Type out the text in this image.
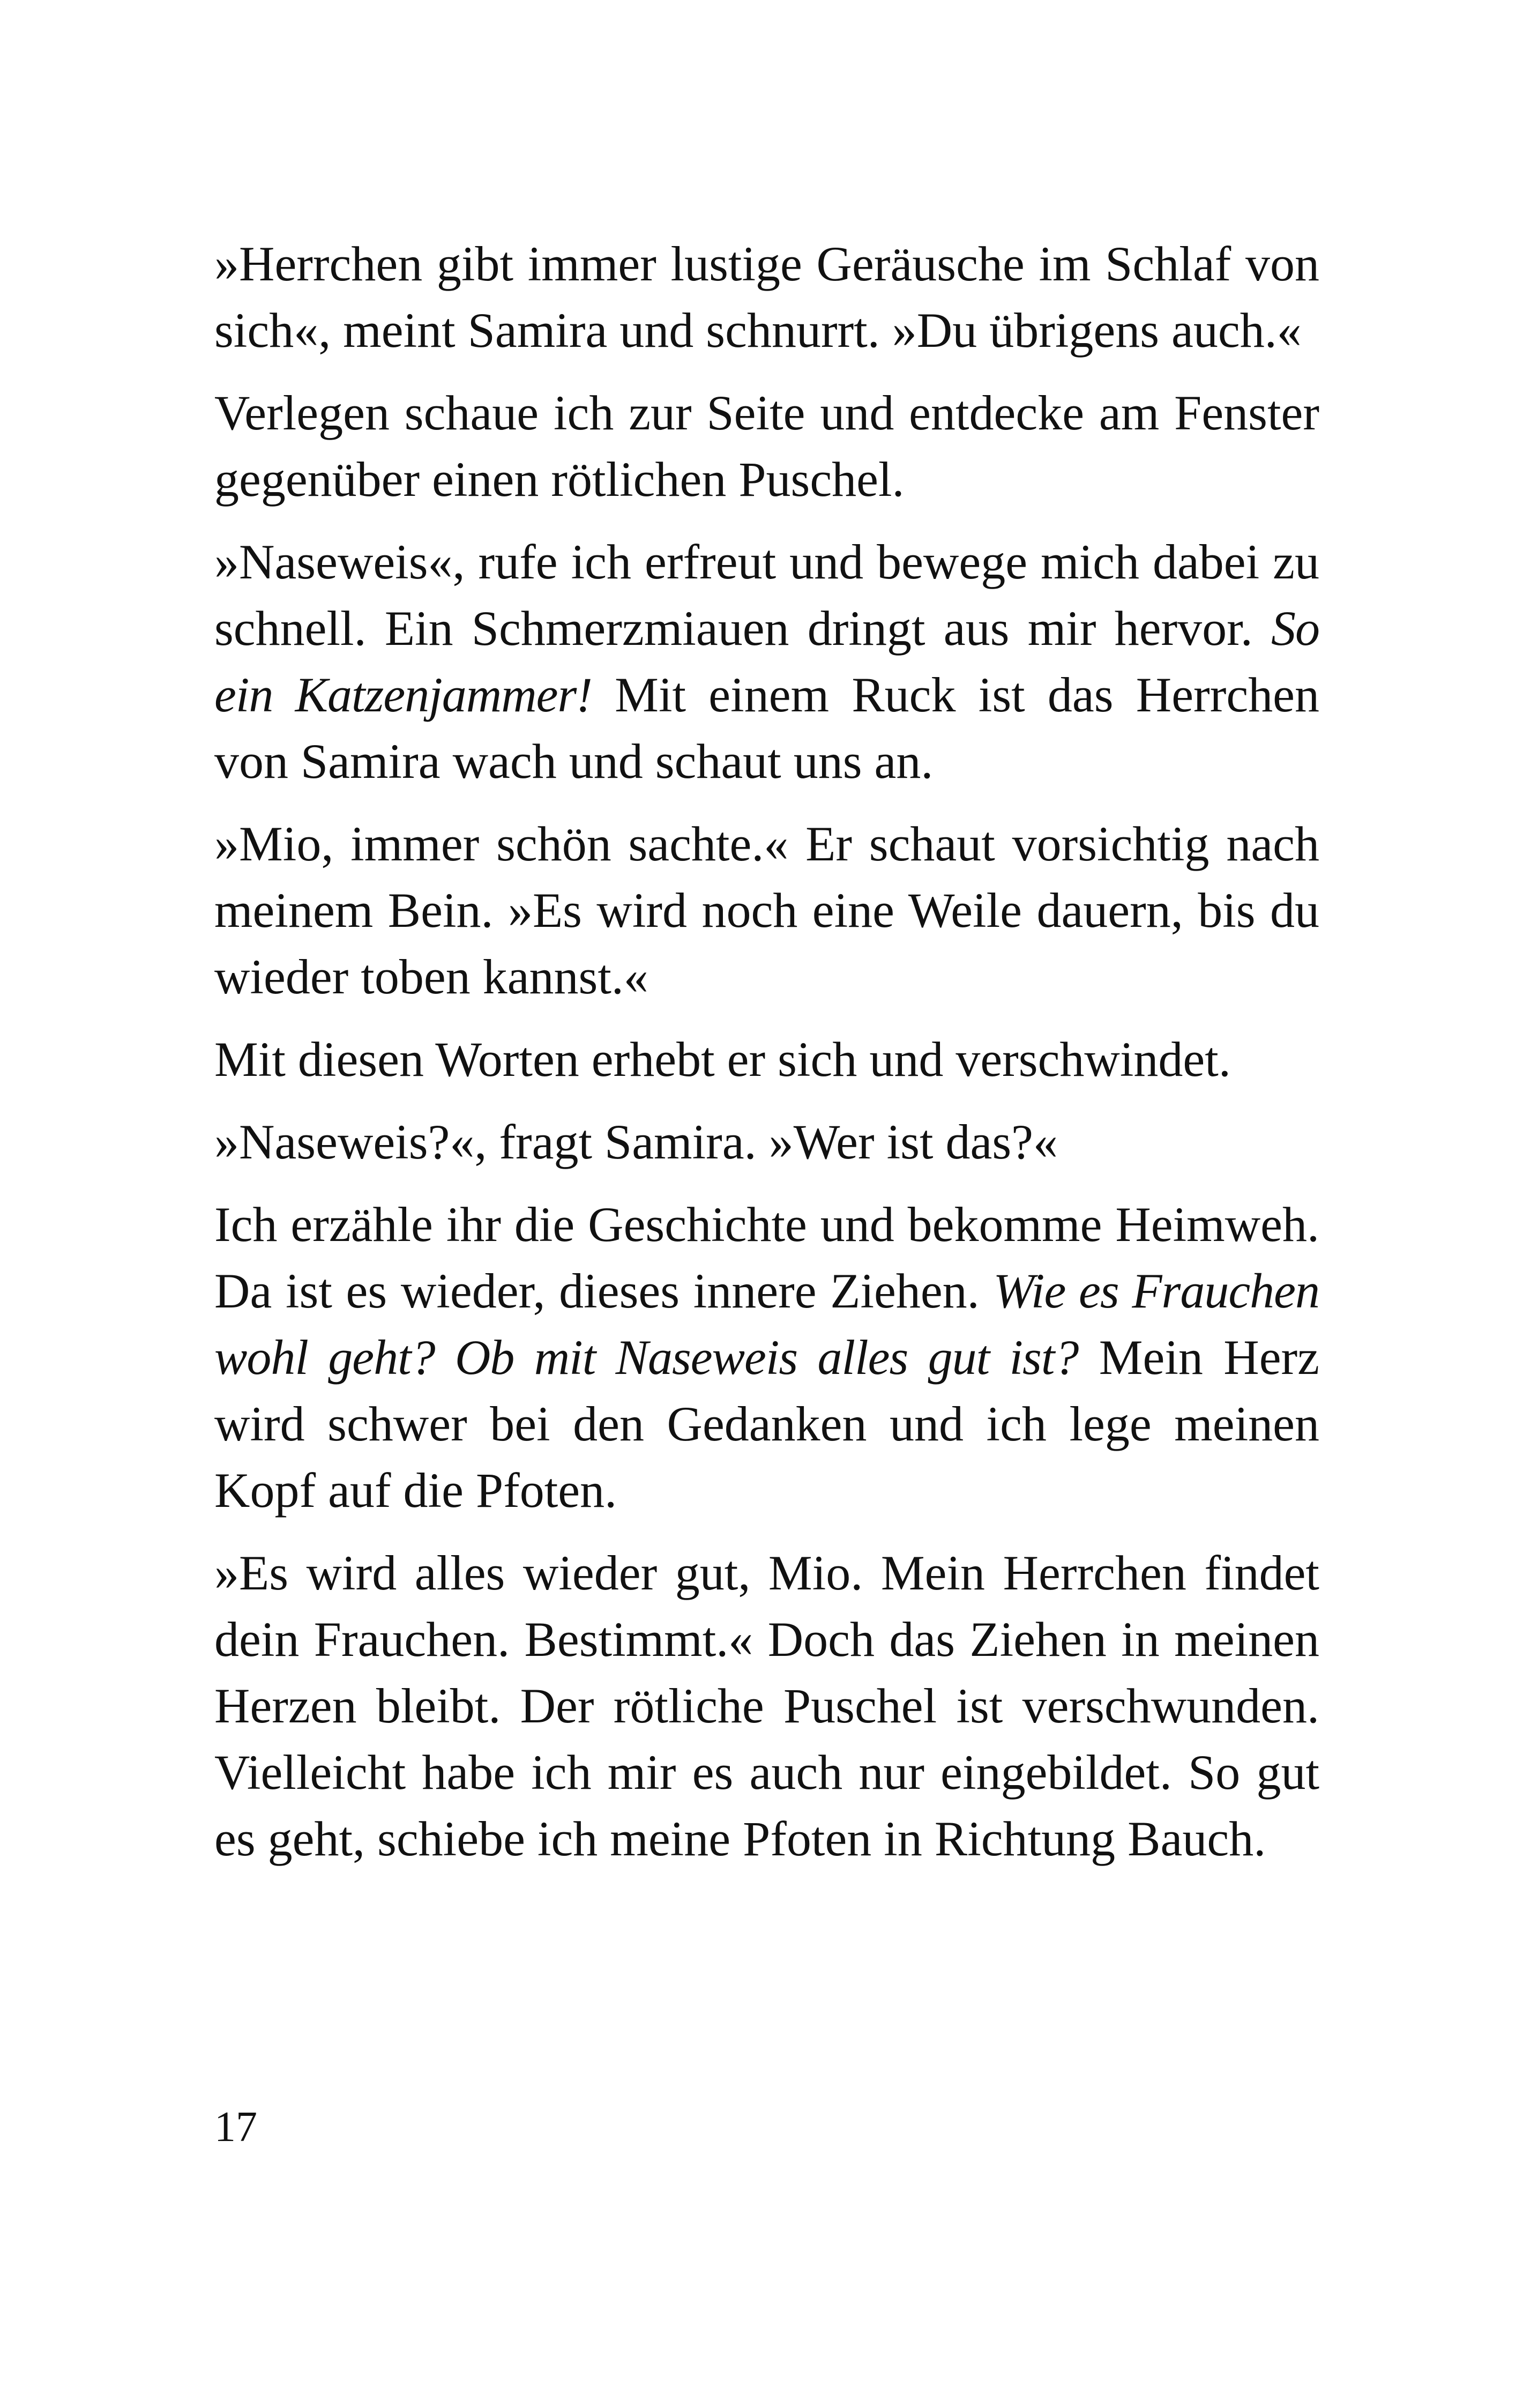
»Herrchen gibt immer lustige Geräusche im Schlaf von sich«, meint Samira und schnurrt. »Du übrigens auch.«

Verlegen schaue ich zur Seite und entdecke am Fenster gegenüber einen rötlichen Puschel.

»Naseweis«, rufe ich erfreut und bewege mich dabei zu schnell. Ein Schmerzmiauen dringt aus mir hervor. So ein Katzenjammer! Mit einem Ruck ist das Herrchen von Samira wach und schaut uns an.

»Mio, immer schön sachte.« Er schaut vorsichtig nach meinem Bein. »Es wird noch eine Weile dauern, bis du wieder toben kannst.«

Mit diesen Worten erhebt er sich und verschwindet.

»Naseweis?«, fragt Samira. »Wer ist das?«

Ich erzähle ihr die Geschichte und bekomme Heimweh. Da ist es wieder, dieses innere Ziehen. Wie es Frauchen wohl geht? Ob mit Naseweis alles gut ist? Mein Herz wird schwer bei den Gedanken und ich lege meinen Kopf auf die Pfoten.

»Es wird alles wieder gut, Mio. Mein Herrchen findet dein Frauchen. Bestimmt.« Doch das Ziehen in meinen Herzen bleibt. Der rötliche Puschel ist verschwunden. Vielleicht habe ich mir es auch nur eingebildet. So gut es geht, schiebe ich meine Pfoten in Richtung Bauch.

17
